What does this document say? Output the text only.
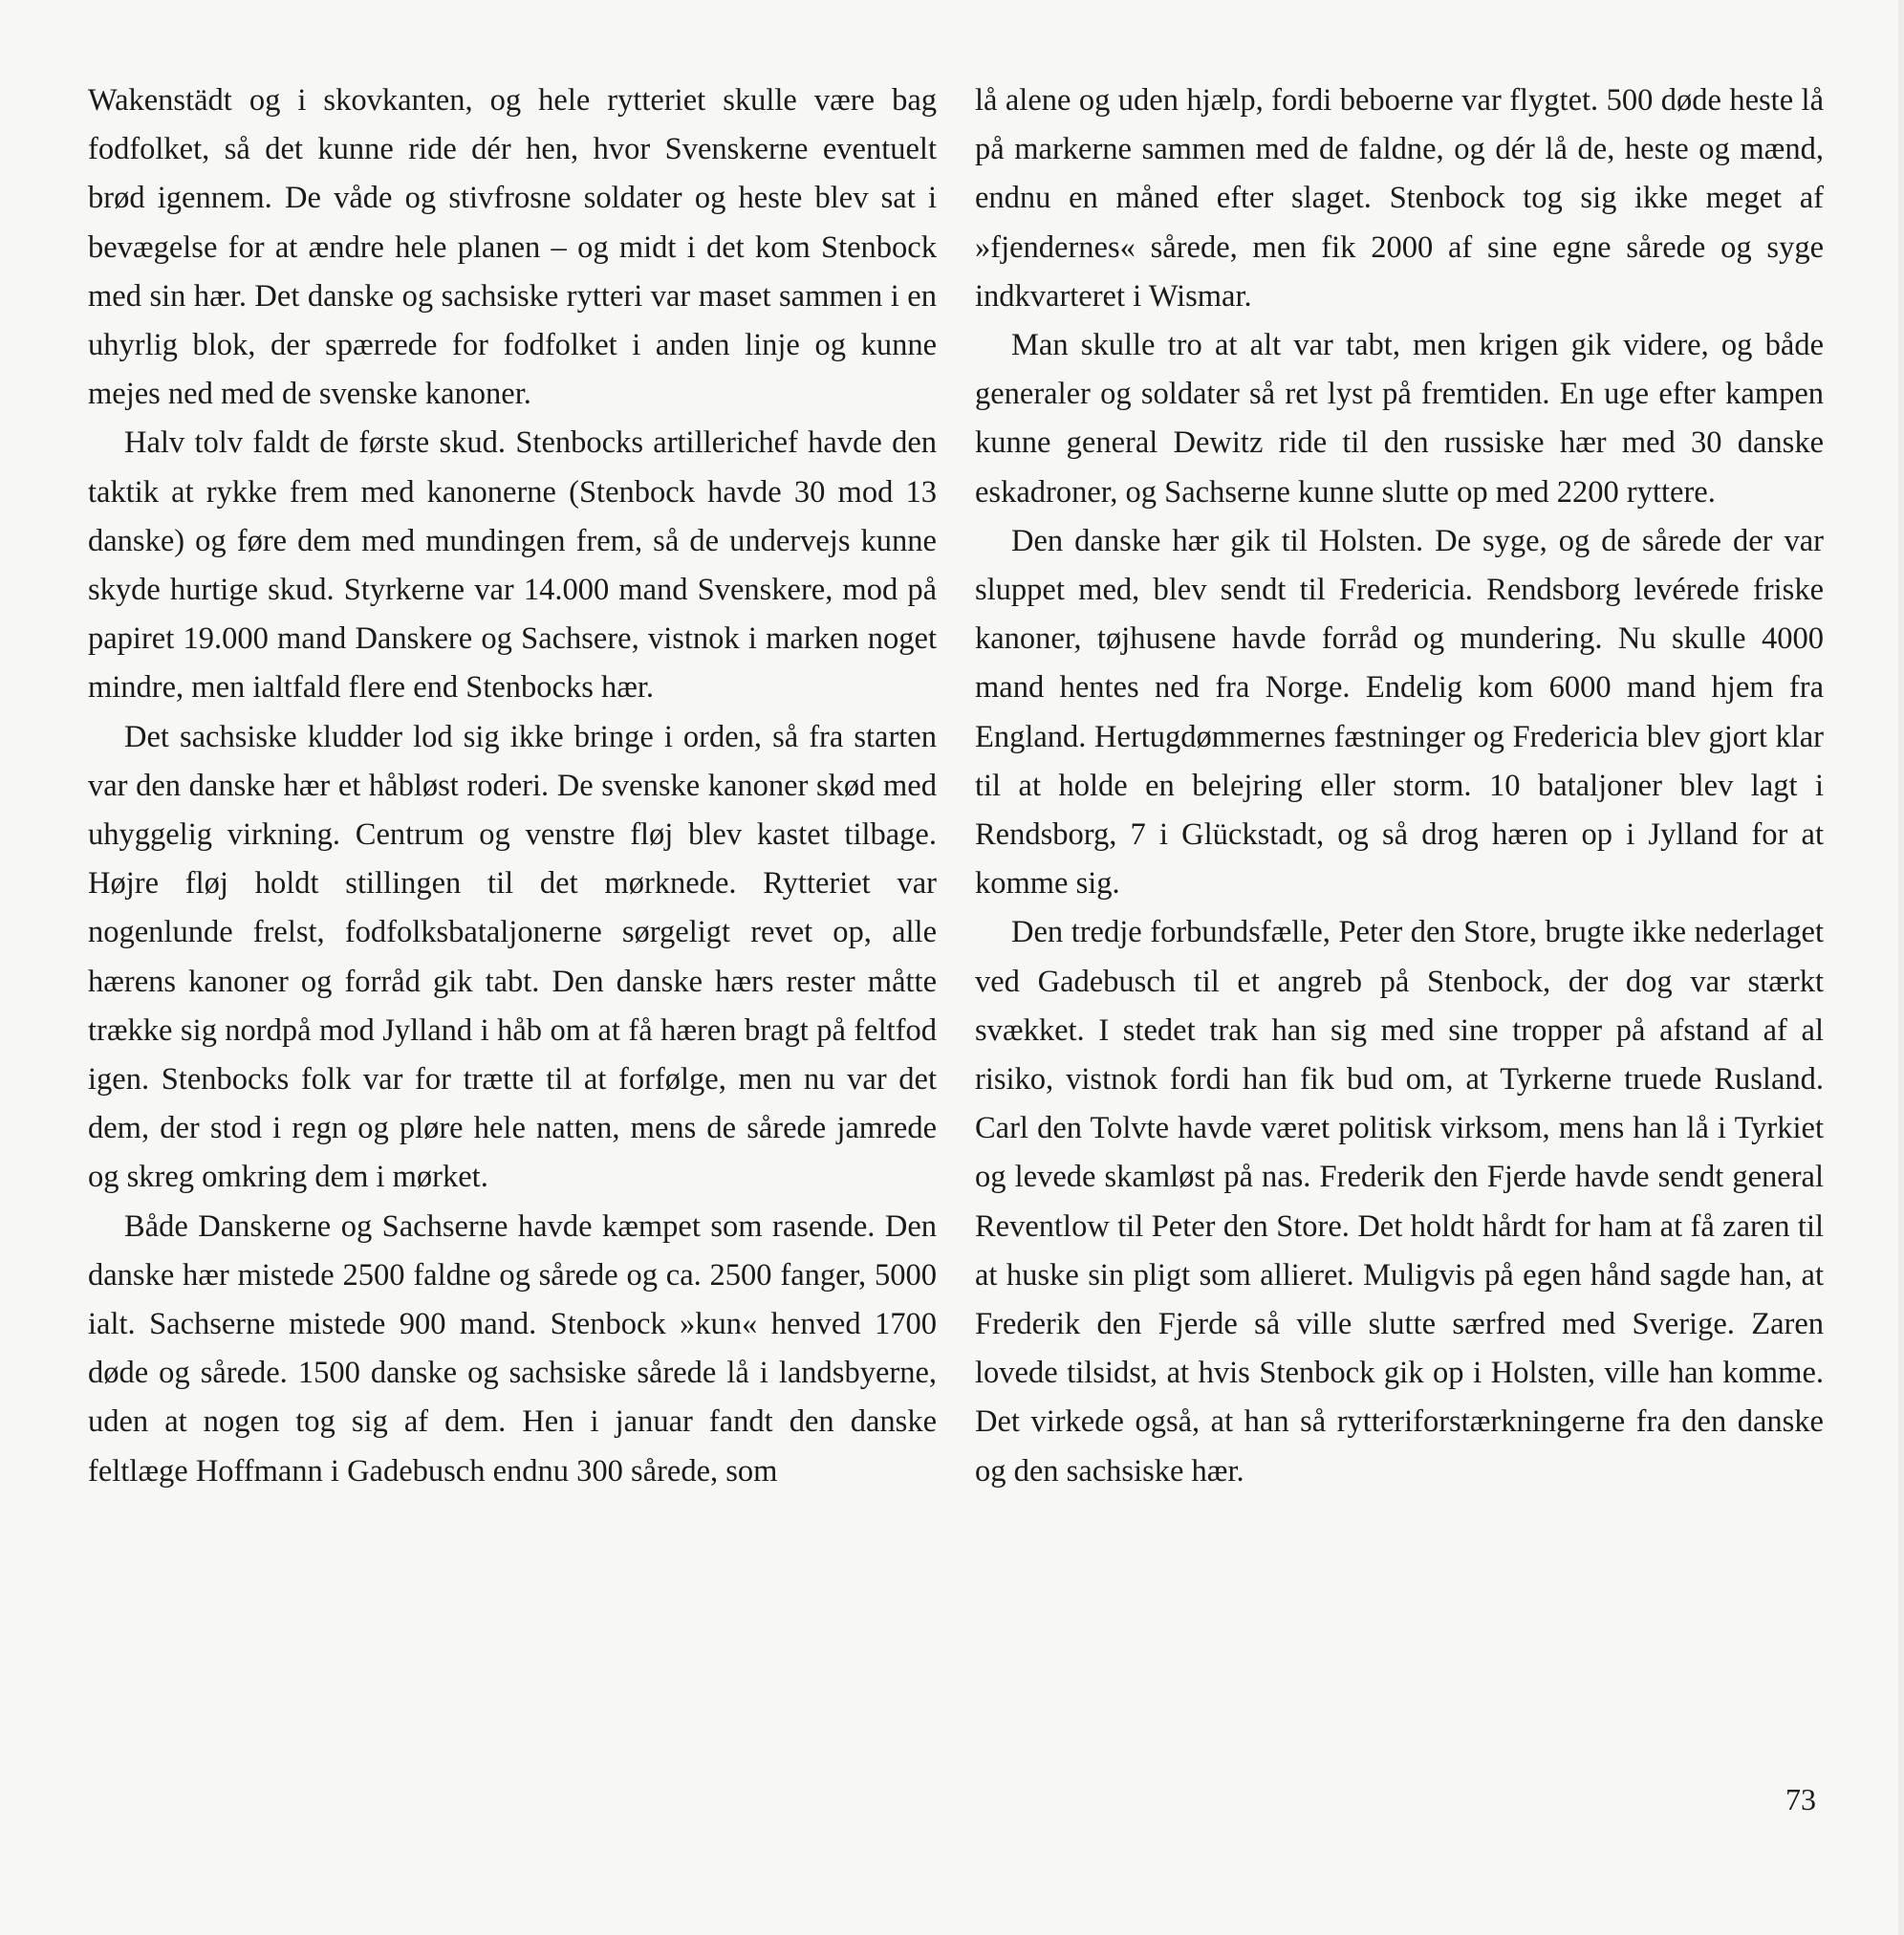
Wakenstädt og i skovkanten, og hele rytteriet skulle være bag fodfolket, så det kunne ride dér hen, hvor Svenskerne eventuelt brød igennem. De våde og stivfrosne soldater og heste blev sat i bevægelse for at ændre hele planen – og midt i det kom Stenbock med sin hær. Det danske og sachsiske rytteri var maset sammen i en uhyrlig blok, der spærrede for fodfolket i anden linje og kunne mejes ned med de svenske kanoner.

Halv tolv faldt de første skud. Stenbocks artillerichef havde den taktik at rykke frem med kanonerne (Stenbock havde 30 mod 13 danske) og føre dem med mundingen frem, så de undervejs kunne skyde hurtige skud. Styrkerne var 14.000 mand Svenskere, mod på papiret 19.000 mand Danskere og Sachsere, vistnok i marken noget mindre, men ialtfald flere end Stenbocks hær.

Det sachsiske kludder lod sig ikke bringe i orden, så fra starten var den danske hær et håbløst roderi. De svenske kanoner skød med uhyggelig virkning. Centrum og venstre fløj blev kastet tilbage. Højre fløj holdt stillingen til det mørknede. Rytteriet var nogenlunde frelst, fodfolksbataljonerne sørgeligt revet op, alle hærens kanoner og forråd gik tabt. Den danske hærs rester måtte trække sig nordpå mod Jylland i håb om at få hæren bragt på feltfod igen. Stenbocks folk var for trætte til at forfølge, men nu var det dem, der stod i regn og pløre hele natten, mens de sårede jamrede og skreg omkring dem i mørket.

Både Danskerne og Sachserne havde kæmpet som rasende. Den danske hær mistede 2500 faldne og sårede og ca. 2500 fanger, 5000 ialt. Sachserne mistede 900 mand. Stenbock »kun« henved 1700 døde og sårede. 1500 danske og sachsiske sårede lå i landsbyerne, uden at nogen tog sig af dem. Hen i januar fandt den danske feltlæge Hoffmann i Gadebusch endnu 300 sårede, som

lå alene og uden hjælp, fordi beboerne var flygtet. 500 døde heste lå på markerne sammen med de faldne, og dér lå de, heste og mænd, endnu en måned efter slaget. Stenbock tog sig ikke meget af »fjendernes« sårede, men fik 2000 af sine egne sårede og syge indkvarteret i Wismar.

Man skulle tro at alt var tabt, men krigen gik videre, og både generaler og soldater så ret lyst på fremtiden. En uge efter kampen kunne general Dewitz ride til den russiske hær med 30 danske eskadroner, og Sachserne kunne slutte op med 2200 ryttere.

Den danske hær gik til Holsten. De syge, og de sårede der var sluppet med, blev sendt til Fredericia. Rendsborg levérede friske kanoner, tøjhusene havde forråd og mundering. Nu skulle 4000 mand hentes ned fra Norge. Endelig kom 6000 mand hjem fra England. Hertugdømmernes fæstninger og Fredericia blev gjort klar til at holde en belejring eller storm. 10 bataljoner blev lagt i Rendsborg, 7 i Glückstadt, og så drog hæren op i Jylland for at komme sig.

Den tredje forbundsfælle, Peter den Store, brugte ikke nederlaget ved Gadebusch til et angreb på Stenbock, der dog var stærkt svækket. I stedet trak han sig med sine tropper på afstand af al risiko, vistnok fordi han fik bud om, at Tyrkerne truede Rusland. Carl den Tolvte havde været politisk virksom, mens han lå i Tyrkiet og levede skamløst på nas. Frederik den Fjerde havde sendt general Reventlow til Peter den Store. Det holdt hårdt for ham at få zaren til at huske sin pligt som allieret. Muligvis på egen hånd sagde han, at Frederik den Fjerde så ville slutte særfred med Sverige. Zaren lovede tilsidst, at hvis Stenbock gik op i Holsten, ville han komme. Det virkede også, at han så rytteriforstærkningerne fra den danske og den sachsiske hær.

73
